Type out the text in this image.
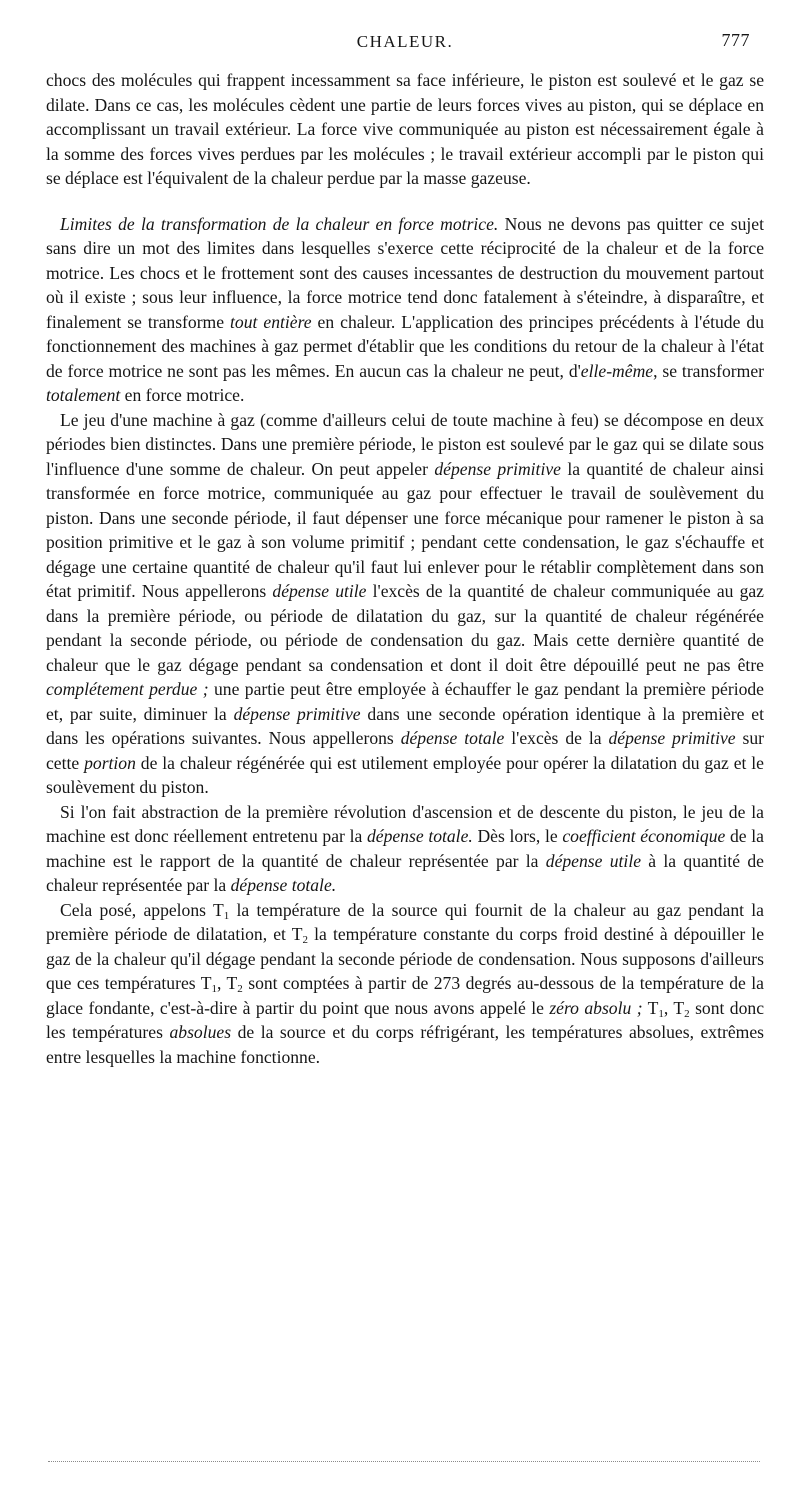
CHALEUR.	777

chocs des molécules qui frappent incessamment sa face inférieure, le piston est soulevé et le gaz se dilate. Dans ce cas, les molécules cèdent une partie de leurs forces vives au piston, qui se déplace en accomplissant un travail extérieur. La force vive communiquée au piston est nécessairement égale à la somme des forces vives perdues par les molécules ; le travail extérieur accompli par le piston qui se déplace est l'équivalent de la chaleur perdue par la masse gazeuse.

Limites de la transformation de la chaleur en force motrice. Nous ne devons pas quitter ce sujet sans dire un mot des limites dans lesquelles s'exerce cette réciprocité de la chaleur et de la force motrice. Les chocs et le frottement sont des causes incessantes de destruction du mouvement partout où il existe ; sous leur influence, la force motrice tend donc fatalement à s'éteindre, à disparaître, et finalement se transforme tout entière en chaleur. L'application des principes précédents à l'étude du fonctionnement des machines à gaz permet d'établir que les conditions du retour de la chaleur à l'état de force motrice ne sont pas les mêmes. En aucun cas la chaleur ne peut, d'elle-même, se transformer totalement en force motrice.

Le jeu d'une machine à gaz (comme d'ailleurs celui de toute machine à feu) se décompose en deux périodes bien distinctes. Dans une première période, le piston est soulevé par le gaz qui se dilate sous l'influence d'une somme de chaleur. On peut appeler dépense primitive la quantité de chaleur ainsi transformée en force motrice, communiquée au gaz pour effectuer le travail de soulèvement du piston. Dans une seconde période, il faut dépenser une force mécanique pour ramener le piston à sa position primitive et le gaz à son volume primitif ; pendant cette condensation, le gaz s'échauffe et dégage une certaine quantité de chaleur qu'il faut lui enlever pour le rétablir complètement dans son état primitif. Nous appellerons dépense utile l'excès de la quantité de chaleur communiquée au gaz dans la première période, ou période de dilatation du gaz, sur la quantité de chaleur régénérée pendant la seconde période, ou période de condensation du gaz. Mais cette dernière quantité de chaleur que le gaz dégage pendant sa condensation et dont il doit être dépouillé peut ne pas être complétement perdue ; une partie peut être employée à échauffer le gaz pendant la première période et, par suite, diminuer la dépense primitive dans une seconde opération identique à la première et dans les opérations suivantes. Nous appellerons dépense totale l'excès de la dépense primitive sur cette portion de la chaleur régénérée qui est utilement employée pour opérer la dilatation du gaz et le soulèvement du piston.

Si l'on fait abstraction de la première révolution d'ascension et de descente du piston, le jeu de la machine est donc réellement entretenu par la dépense totale. Dès lors, le coefficient économique de la machine est le rapport de la quantité de chaleur représentée par la dépense utile à la quantité de chaleur représentée par la dépense totale.

Cela posé, appelons $T_1$ la température de la source qui fournit de la chaleur au gaz pendant la première période de dilatation, et $T_2$ la température constante du corps froid destiné à dépouiller le gaz de la chaleur qu'il dégage pendant la seconde période de condensation. Nous supposons d'ailleurs que ces températures $T_1$, $T_2$ sont comptées à partir de 273 degrés au-dessous de la température de la glace fondante, c'est-à-dire à partir du point que nous avons appelé le zéro absolu ; $T_1$, $T_2$ sont donc les températures absolues de la source et du corps réfrigérant, les températures absolues, extrêmes entre lesquelles la machine fonctionne.
